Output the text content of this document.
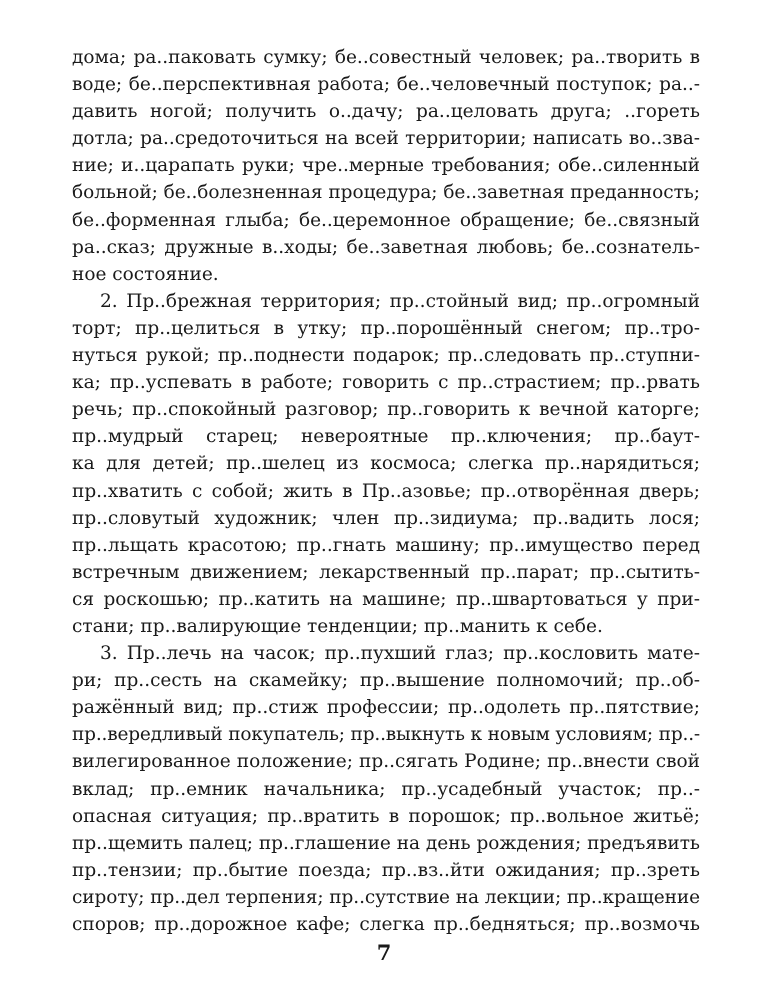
дома; ра..паковать сумку; бе..совестный человек; ра..творить в
воде; бе..перспективная работа; бе..человечный поступок; ра..-
давить ногой; получить о..дачу; ра..целовать друга; ..гореть
дотла; ра..средоточиться на всей территории; написать во..зва-
ние; и..царапать руки; чре..мерные требования; обе..силенный
больной; бе..болезненная процедура; бе..заветная преданность;
бе..форменная глыба; бе..церемонное обращение; бе..связный
ра..сказ; дружные в..ходы; бе..заветная любовь; бе..сознатель-
ное состояние.
2. Пр..брежная территория; пр..стойный вид; пр..огромный
торт; пр..целиться в утку; пр..порошённый снегом; пр..тро-
нуться рукой; пр..поднести подарок; пр..следовать пр..ступни-
ка; пр..успевать в работе; говорить с пр..страстием; пр..рвать
речь; пр..спокойный разговор; пр..говорить к вечной каторге;
пр..мудрый старец; невероятные пр..ключения; пр..баут-
ка для детей; пр..шелец из космоса; слегка пр..нарядиться;
пр..хватить с собой; жить в Пр..азовье; пр..отворённая дверь;
пр..словутый художник; член пр..зидиума; пр..вадить лося;
пр..льщать красотою; пр..гнать машину; пр..имущество перед
встречным движением; лекарственный пр..парат; пр..сытить-
ся роскошью; пр..катить на машине; пр..швартоваться у при-
стани; пр..валирующие тенденции; пр..манить к себе.
3. Пр..лечь на часок; пр..пухший глаз; пр..кословить мате-
ри; пр..сесть на скамейку; пр..вышение полномочий; пр..об-
ражённый вид; пр..стиж профессии; пр..одолеть пр..пятствие;
пр..вередливый покупатель; пр..выкнуть к новым условиям; пр..-
вилегированное положение; пр..сягать Родине; пр..внести свой
вклад; пр..емник начальника; пр..усадебный участок; пр..-
опасная ситуация; пр..вратить в порошок; пр..вольное житьё;
пр..щемить палец; пр..глашение на день рождения; предъявить
пр..тензии; пр..бытие поезда; пр..вз..йти ожидания; пр..зреть
сироту; пр..дел терпения; пр..сутствие на лекции; пр..кращение
споров; пр..дорожное кафе; слегка пр..бедняться; пр..возмочь
7
